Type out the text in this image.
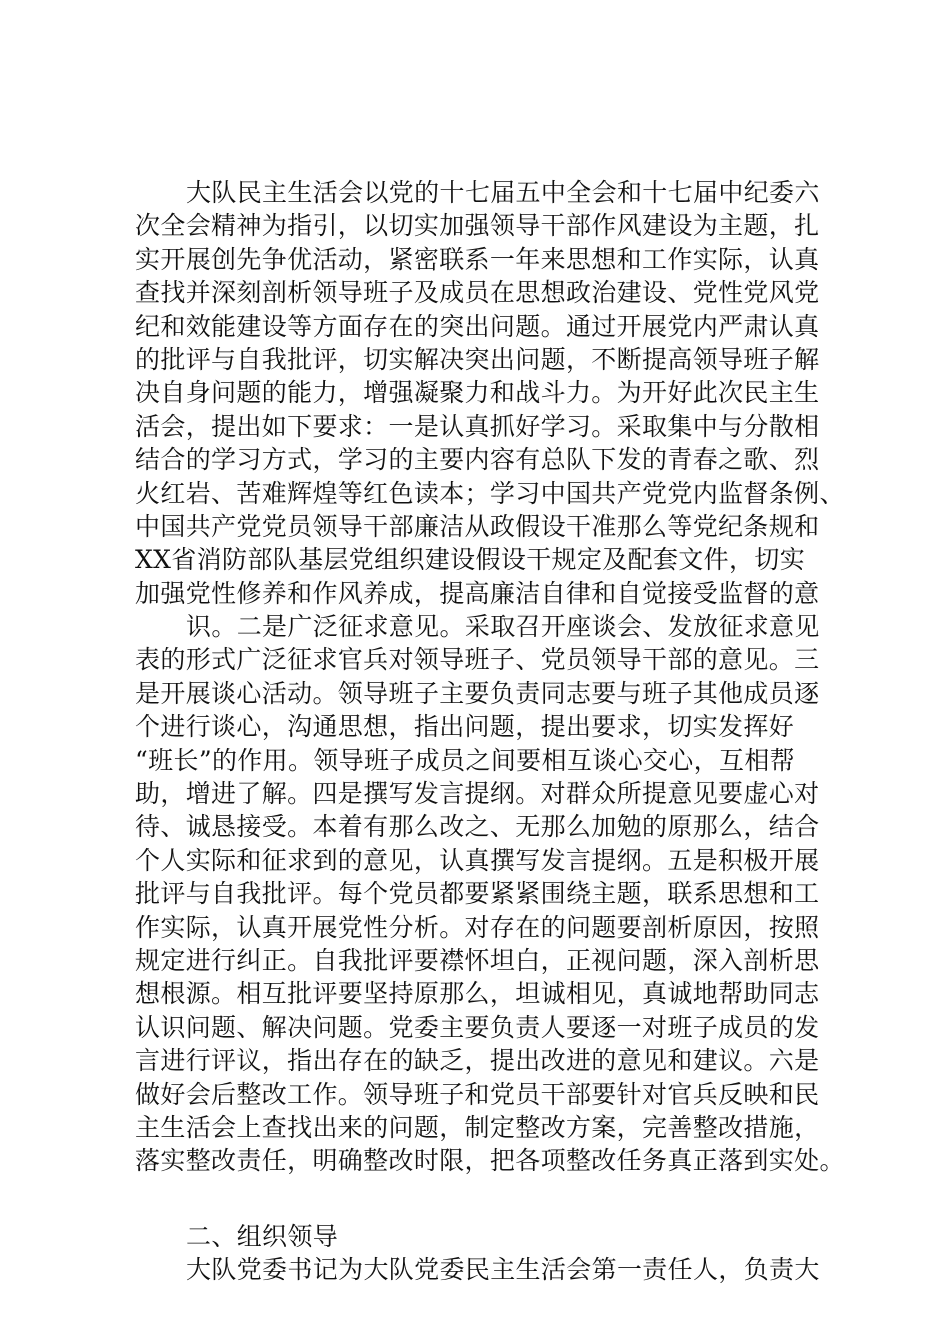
大队民主生活会以党的十七届五中全会和十七届中纪委六
次全会精神为指引，以切实加强领导干部作风建设为主题，扎
实开展创先争优活动，紧密联系一年来思想和工作实际，认真
查找并深刻剖析领导班子及成员在思想政治建设、党性党风党
纪和效能建设等方面存在的突出问题。通过开展党内严肃认真
的批评与自我批评，切实解决突出问题，不断提高领导班子解
决自身问题的能力，增强凝聚力和战斗力。为开好此次民主生
活会，提出如下要求：一是认真抓好学习。采取集中与分散相
结合的学习方式，学习的主要内容有总队下发的青春之歌、烈
火红岩、苦难辉煌等红色读本；学习中国共产党党内监督条例、
中国共产党党员领导干部廉洁从政假设干准那么等党纪条规和
XX省消防部队基层党组织建设假设干规定及配套文件，切实
加强党性修养和作风养成，提高廉洁自律和自觉接受监督的意
识。二是广泛征求意见。采取召开座谈会、发放征求意见
表的形式广泛征求官兵对领导班子、党员领导干部的意见。三
是开展谈心活动。领导班子主要负责同志要与班子其他成员逐
个进行谈心，沟通思想，指出问题，提出要求，切实发挥好
“班长”的作用。领导班子成员之间要相互谈心交心，互相帮
助，增进了解。四是撰写发言提纲。对群众所提意见要虚心对
待、诚恳接受。本着有那么改之、无那么加勉的原那么，结合
个人实际和征求到的意见，认真撰写发言提纲。五是积极开展
批评与自我批评。每个党员都要紧紧围绕主题，联系思想和工
作实际，认真开展党性分析。对存在的问题要剖析原因，按照
规定进行纠正。自我批评要襟怀坦白，正视问题，深入剖析思
想根源。相互批评要坚持原那么，坦诚相见，真诚地帮助同志
认识问题、解决问题。党委主要负责人要逐一对班子成员的发
言进行评议，指出存在的缺乏，提出改进的意见和建议。六是
做好会后整改工作。领导班子和党员干部要针对官兵反映和民
主生活会上查找出来的问题，制定整改方案，完善整改措施，
落实整改责任，明确整改时限，把各项整改任务真正落到实处。
二、组织领导
大队党委书记为大队党委民主生活会第一责任人，负责大
